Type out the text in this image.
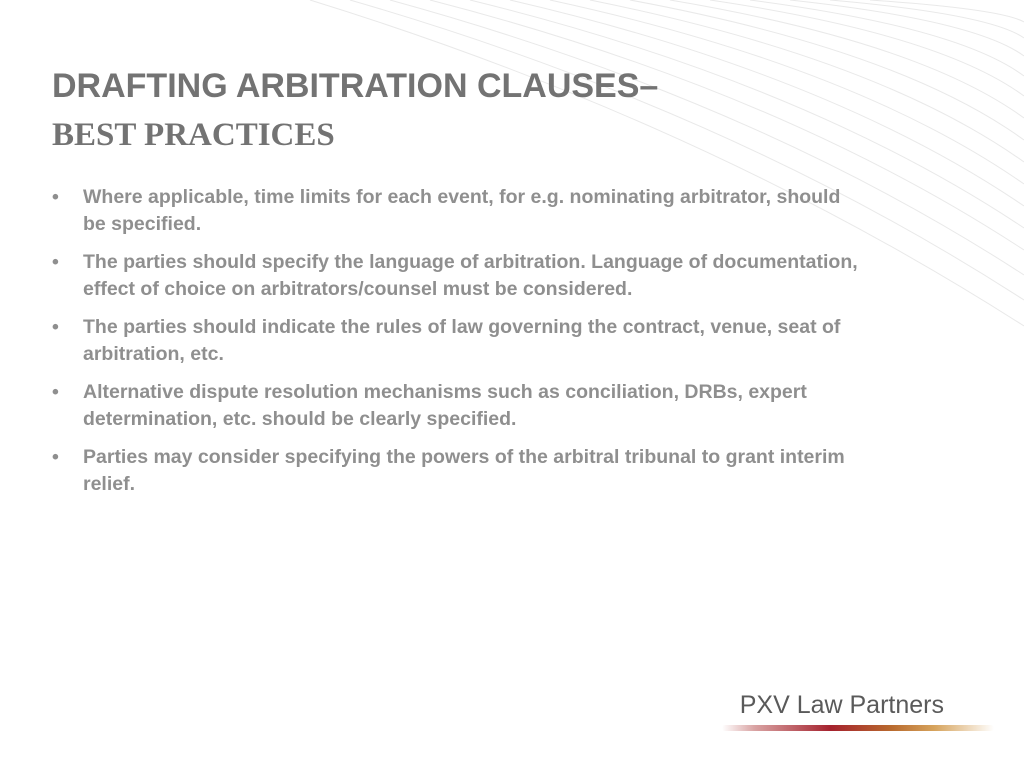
DRAFTING ARBITRATION CLAUSES–
BEST PRACTICES
• Where applicable, time limits for each event, for e.g. nominating arbitrator, should be specified.
• The parties should specify the language of arbitration. Language of documentation, effect of choice on arbitrators/counsel must be considered.
• The parties should indicate the rules of law governing the contract, venue, seat of arbitration, etc.
• Alternative dispute resolution mechanisms such as conciliation, DRBs, expert determination, etc. should be clearly specified.
• Parties may consider specifying the powers of the arbitral tribunal to grant interim relief.
PXV Law Partners
